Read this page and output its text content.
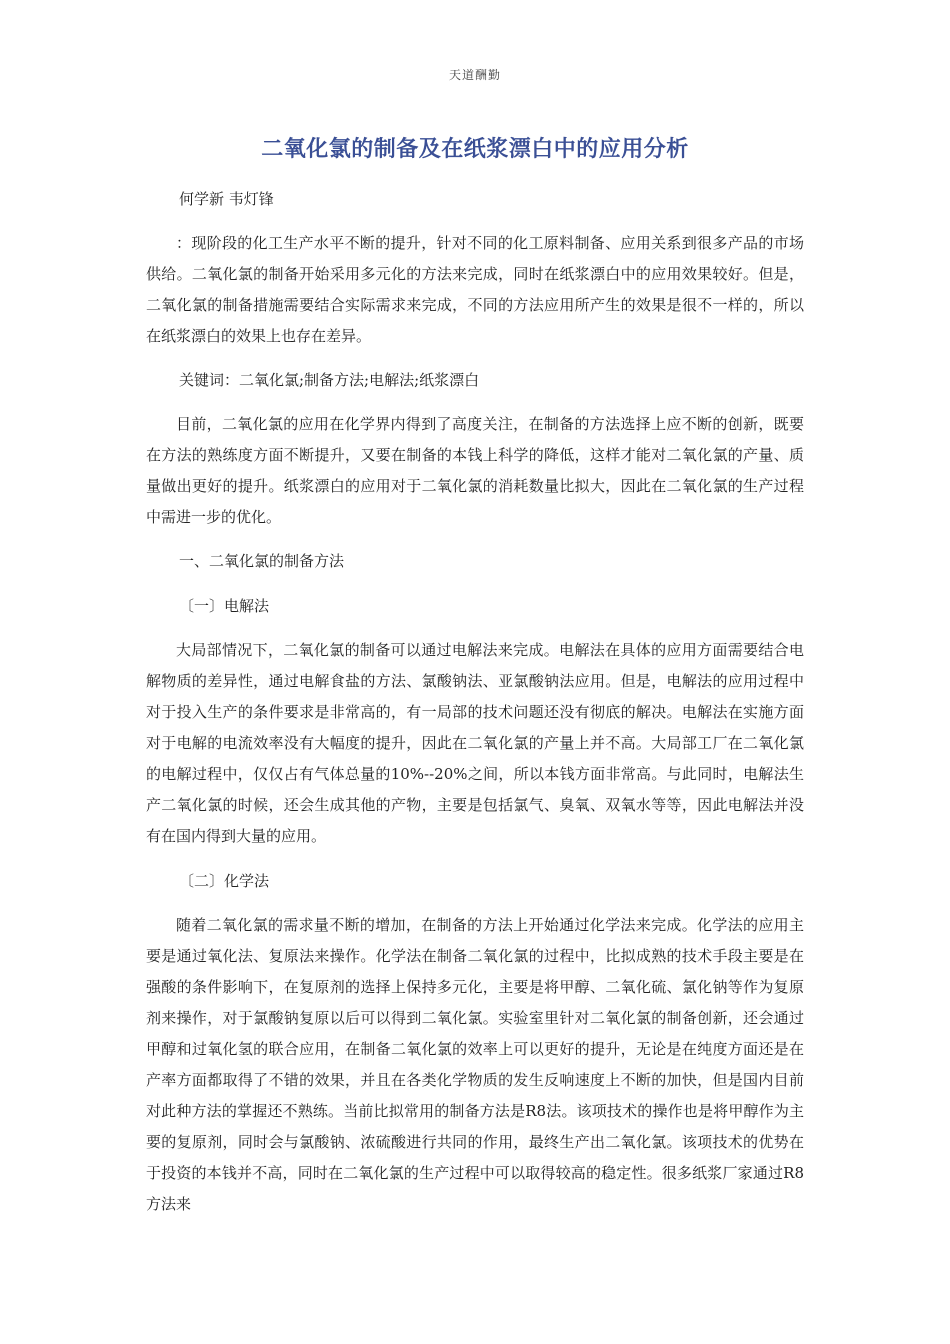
天道酬勤
二氧化氯的制备及在纸浆漂白中的应用分析
何学新 韦灯锋

：现阶段的化工生产水平不断的提升，针对不同的化工原料制备、应用关系到很多产品的市场供给。二氧化氯的制备开始采用多元化的方法来完成，同时在纸浆漂白中的应用效果较好。但是，二氧化氯的制备措施需要结合实际需求来完成，不同的方法应用所产生的效果是很不一样的，所以在纸浆漂白的效果上也存在差异。

关键词：二氧化氯;制备方法;电解法;纸浆漂白

目前，二氧化氯的应用在化学界内得到了高度关注，在制备的方法选择上应不断的创新，既要在方法的熟练度方面不断提升，又要在制备的本钱上科学的降低，这样才能对二氧化氯的产量、质量做出更好的提升。纸浆漂白的应用对于二氧化氯的消耗数量比拟大，因此在二氧化氯的生产过程中需进一步的优化。

一、二氧化氯的制备方法

〔一〕电解法

大局部情况下，二氧化氯的制备可以通过电解法来完成。电解法在具体的应用方面需要结合电解物质的差异性，通过电解食盐的方法、氯酸钠法、亚氯酸钠法应用。但是，电解法的应用过程中对于投入生产的条件要求是非常高的，有一局部的技术问题还没有彻底的解决。电解法在实施方面对于电解的电流效率没有大幅度的提升，因此在二氧化氯的产量上并不高。大局部工厂在二氧化氯的电解过程中，仅仅占有气体总量的10%--20%之间，所以本钱方面非常高。与此同时，电解法生产二氧化氯的时候，还会生成其他的产物，主要是包括氯气、臭氧、双氧水等等，因此电解法并没有在国内得到大量的应用。

〔二〕化学法

随着二氧化氯的需求量不断的增加，在制备的方法上开始通过化学法来完成。化学法的应用主要是通过氧化法、复原法来操作。化学法在制备二氧化氯的过程中，比拟成熟的技术手段主要是在强酸的条件影响下，在复原剂的选择上保持多元化，主要是将甲醇、二氧化硫、氯化钠等作为复原剂来操作，对于氯酸钠复原以后可以得到二氧化氯。实验室里针对二氧化氯的制备创新，还会通过甲醇和过氧化氢的联合应用，在制备二氧化氯的效率上可以更好的提升，无论是在纯度方面还是在产率方面都取得了不错的效果，并且在各类化学物质的发生反响速度上不断的加快，但是国内目前对此种方法的掌握还不熟练。当前比拟常用的制备方法是R8法。该项技术的操作也是将甲醇作为主要的复原剂，同时会与氯酸钠、浓硫酸进行共同的作用，最终生产出二氧化氯。该项技术的优势在于投资的本钱并不高，同时在二氧化氯的生产过程中可以取得较高的稳定性。很多纸浆厂家通过R8方法来
